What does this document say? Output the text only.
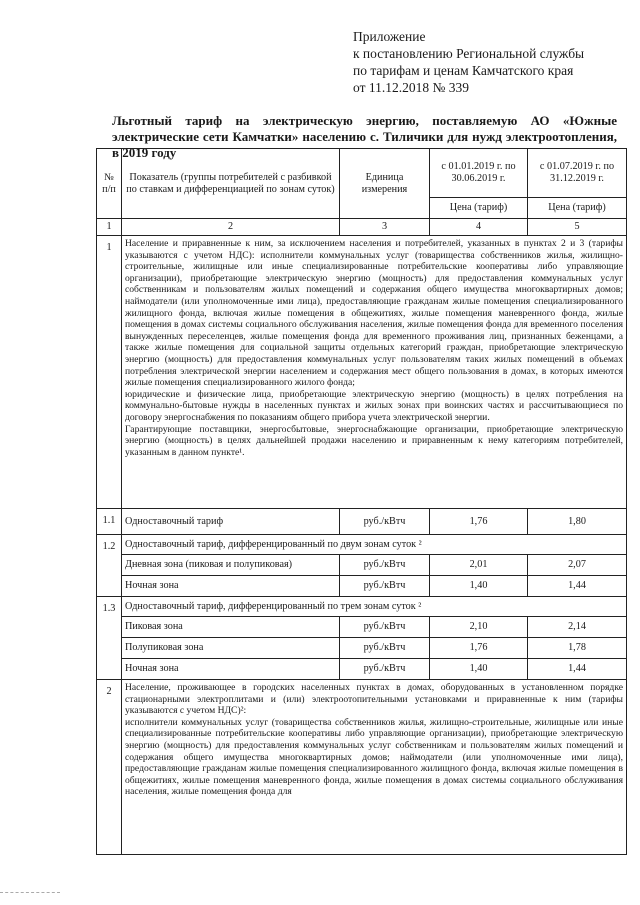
Приложение
к постановлению Региональной службы
по тарифам и ценам Камчатского края
от 11.12.2018 № 339
Льготный тариф на электрическую энергию, поставляемую АО «Южные электрические сети Камчатки» населению с. Тиличики для нужд электроотопления, в 2019 году
№ п/п	Показатель (группы потребителей с разбивкой по ставкам и дифференциацией по зонам суток)	Единица измерения	с 01.01.2019 г. по 30.06.2019 г.	с 01.07.2019 г. по 31.12.2019 г.
			Цена (тариф)	Цена (тариф)
1	2	3	4	5
1	Население и приравненные к ним, за исключением населения и потребителей, указанных в пунктах 2 и 3 (тарифы указываются с учетом НДС): исполнители коммунальных услуг (товарищества собственников жилья, жилищно-строительные, жилищные или иные специализированные потребительские кооперативы либо управляющие организации), приобретающие электрическую энергию (мощность) для предоставления коммунальных услуг собственникам и пользователям жилых помещений и содержания общего имущества многоквартирных домов; наймодатели (или уполномоченные ими лица), предоставляющие гражданам жилые помещения специализированного жилищного фонда, включая жилые помещения в общежитиях, жилые помещения маневренного фонда, жилые помещения в домах системы социального обслуживания населения, жилые помещения фонда для временного поселения вынужденных переселенцев, жилые помещения фонда для временного проживания лиц, признанных беженцами, а также жилые помещения для социальной защиты отдельных категорий граждан, приобретающие электрическую энергию (мощность) для предоставления коммунальных услуг пользователям таких жилых помещений в объемах потребления электрической энергии населением и содержания мест общего пользования в домах, в которых имеются жилые помещения специализированного жилого фонда;

юридические и физические лица, приобретающие электрическую энергию (мощность) в целях потребления на коммунально-бытовые нужды в населенных пунктах и жилых зонах при воинских частях и рассчитывающиеся по договору энергоснабжения по показаниям общего прибора учета электрической энергии.

Гарантирующие поставщики, энергосбытовые, энергоснабжающие организации, приобретающие электрическую энергию (мощность) в целях дальнейшей продажи населению и приравненным к нему категориям потребителей, указанным в данном пункте¹.			

1.1	Одноставочный тариф	руб./кВтч	1,76	1,80
1.2	Одноставочный тариф, дифференцированный по двум зонам суток ²			
	Дневная зона (пиковая и полупиковая)	руб./кВтч	2,01	2,07
	Ночная зона	руб./кВтч	1,40	1,44
1.3	Одноставочный тариф, дифференцированный по трем зонам суток ²			
	Пиковая зона	руб./кВтч	2,10	2,14
	Полупиковая зона	руб./кВтч	1,76	1,78
	Ночная зона	руб./кВтч	1,40	1,44
2	Население, проживающее в городских населенных пунктах в домах, оборудованных в установленном порядке стационарными электроплитами и (или) электроотопительными установками и приравненные к ним (тарифы указываются с учетом НДС)²:

исполнители коммунальных услуг (товарищества собственников жилья, жилищно-строительные, жилищные или иные специализированные потребительские кооперативы либо управляющие организации), приобретающие электрическую энергию (мощность) для предоставления коммунальных услуг собственникам и пользователям жилых помещений и содержания общего имущества многоквартирных домов; наймодатели (или уполномоченные ими лица), предоставляющие гражданам жилые помещения специализированного жилищного фонда, включая жилые помещения в общежитиях, жилые помещения маневренного фонда, жилые помещения в домах системы социального обслуживания населения, жилые помещения фонда для			
